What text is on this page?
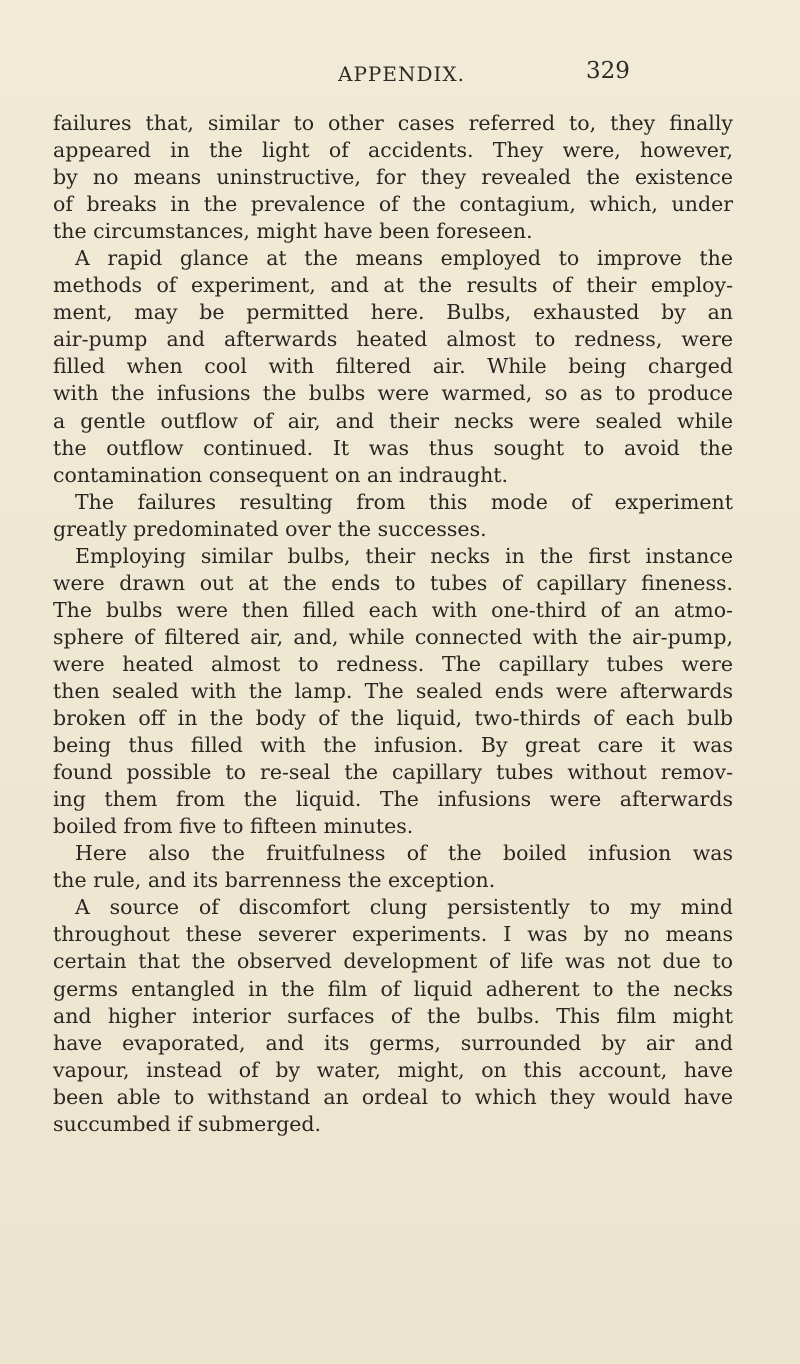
APPENDIX.	329
failures that, similar to other cases referred to, they finally
appeared in the light of accidents. They were, however,
by no means uninstructive, for they revealed the existence
of breaks in the prevalence of the contagium, which, under
the circumstances, might have been foreseen.
A rapid glance at the means employed to improve the
methods of experiment, and at the results of their employ-
ment, may be permitted here. Bulbs, exhausted by an
air-pump and afterwards heated almost to redness, were
filled when cool with filtered air. While being charged
with the infusions the bulbs were warmed, so as to produce
a gentle outflow of air, and their necks were sealed while
the outflow continued. It was thus sought to avoid the
contamination consequent on an indraught.
The failures resulting from this mode of experiment
greatly predominated over the successes.
Employing similar bulbs, their necks in the first instance
were drawn out at the ends to tubes of capillary fineness.
The bulbs were then filled each with one-third of an atmo-
sphere of filtered air, and, while connected with the air-pump,
were heated almost to redness. The capillary tubes were
then sealed with the lamp. The sealed ends were afterwards
broken off in the body of the liquid, two-thirds of each bulb
being thus filled with the infusion. By great care it was
found possible to re-seal the capillary tubes without remov-
ing them from the liquid. The infusions were afterwards
boiled from five to fifteen minutes.
Here also the fruitfulness of the boiled infusion was
the rule, and its barrenness the exception.
A source of discomfort clung persistently to my mind
throughout these severer experiments. I was by no means
certain that the observed development of life was not due to
germs entangled in the film of liquid adherent to the necks
and higher interior surfaces of the bulbs. This film might
have evaporated, and its germs, surrounded by air and
vapour, instead of by water, might, on this account, have
been able to withstand an ordeal to which they would have
succumbed if submerged.
